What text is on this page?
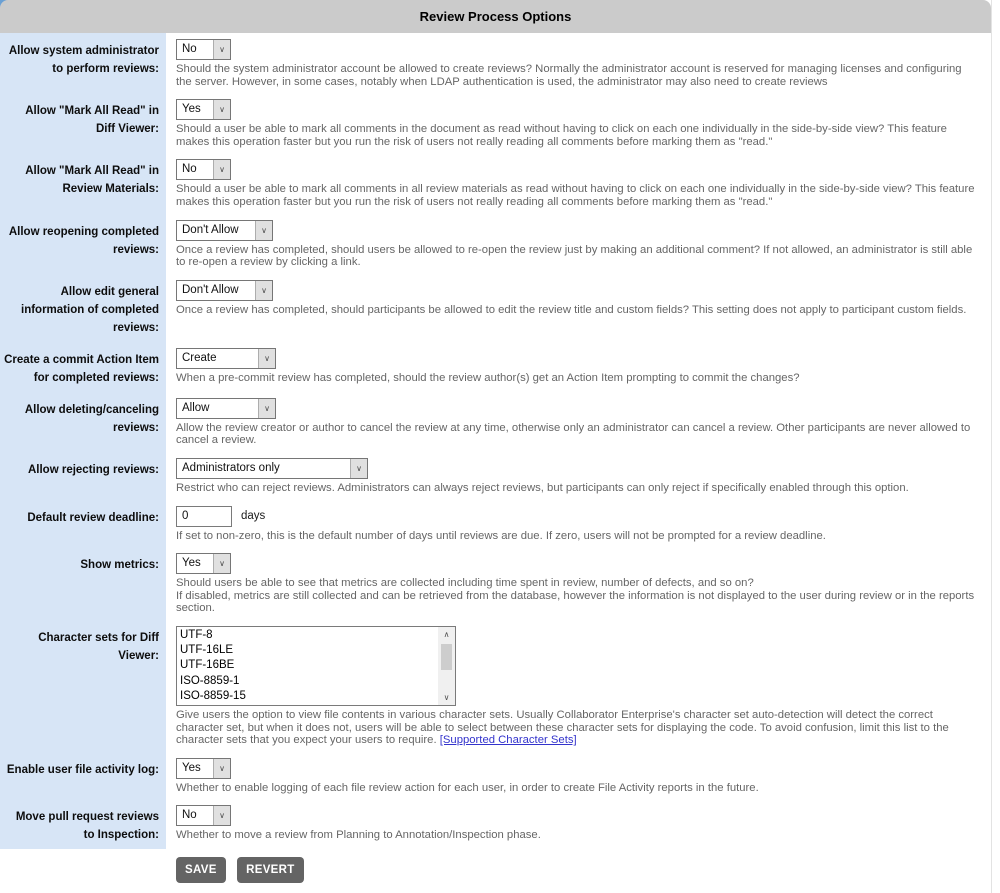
Review Process Options
Allow system administrator to perform reviews:
No	∨
Should the system administrator account be allowed to create reviews? Normally the administrator account is reserved for managing licenses and configuring the server. However, in some cases, notably when LDAP authentication is used, the administrator may also need to create reviews
Allow "Mark All Read" in Diff Viewer:
Yes	∨
Should a user be able to mark all comments in the document as read without having to click on each one individually in the side-by-side view? This feature makes this operation faster but you run the risk of users not really reading all comments before marking them as "read."
Allow "Mark All Read" in Review Materials:
No	∨
Should a user be able to mark all comments in all review materials as read without having to click on each one individually in the side-by-side view? This feature makes this operation faster but you run the risk of users not really reading all comments before marking them as "read."
Allow reopening completed reviews:
Don't Allow	∨
Once a review has completed, should users be allowed to re-open the review just by making an additional comment? If not allowed, an administrator is still able to re-open a review by clicking a link.
Allow edit general information of completed reviews:
Don't Allow	∨
Once a review has completed, should participants be allowed to edit the review title and custom fields? This setting does not apply to participant custom fields.
Create a commit Action Item for completed reviews:
Create	∨
When a pre-commit review has completed, should the review author(s) get an Action Item prompting to commit the changes?
Allow deleting/canceling reviews:
Allow	∨
Allow the review creator or author to cancel the review at any time, otherwise only an administrator can cancel a review. Other participants are never allowed to cancel a review.
Allow rejecting reviews:	Administrators only	∨
Restrict who can reject reviews. Administrators can always reject reviews, but participants can only reject if specifically enabled through this option.
Default review deadline:
0	days
If set to non-zero, this is the default number of days until reviews are due. If zero, users will not be prompted for a review deadline.
Show metrics:	Yes	∨
Should users be able to see that metrics are collected including time spent in review, number of defects, and so on?
If disabled, metrics are still collected and can be retrieved from the database, however the information is not displayed to the user during review or in the reports section.
Character sets for Diff Viewer:
UTF-8
UTF-16LE
UTF-16BE
ISO-8859-1
ISO-8859-15
∧
∨
Give users the option to view file contents in various character sets. Usually Collaborator Enterprise's character set auto-detection will detect the correct character set, but when it does not, users will be able to select between these character sets for displaying the code. To avoid confusion, limit this list to the character sets that you expect your users to require. [Supported Character Sets]
Enable user file activity log:	Yes	∨
Whether to enable logging of each file review action for each user, in order to create File Activity reports in the future.
Move pull request reviews to Inspection:
No	∨
Whether to move a review from Planning to Annotation/Inspection phase.
SAVE	REVERT
